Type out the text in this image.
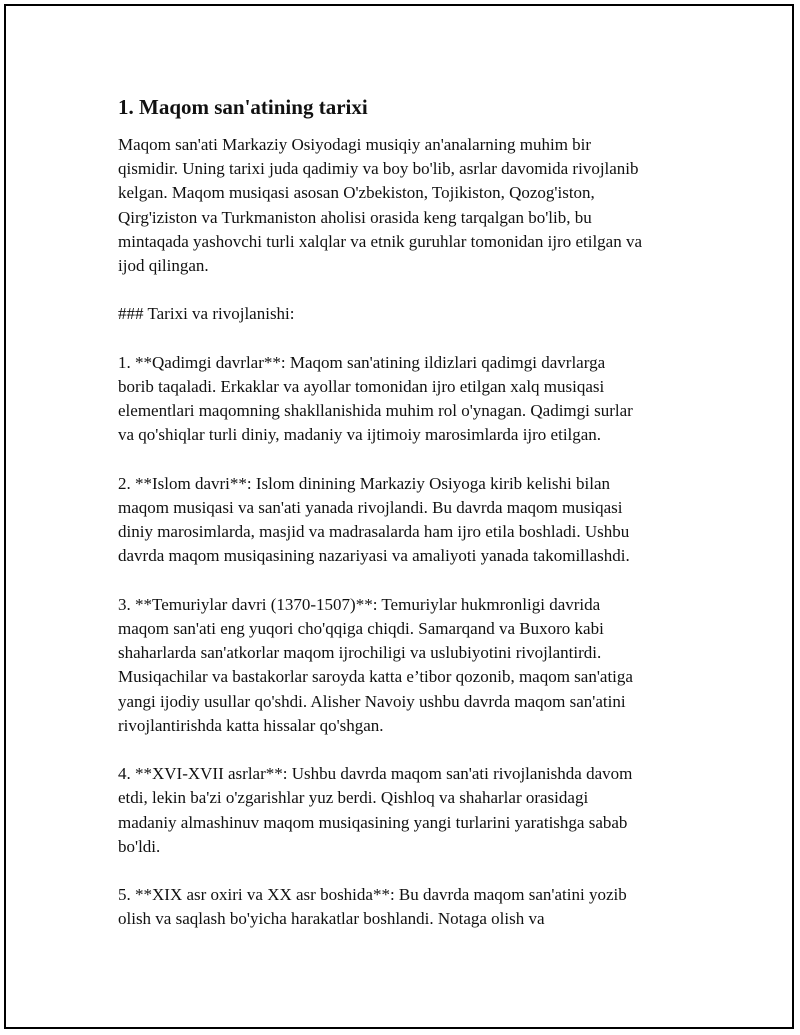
1. Maqom san'atining tarixi

Maqom san'ati Markaziy Osiyodagi musiqiy an'analarning muhim bir
qismidir. Uning tarixi juda qadimiy va boy bo'lib, asrlar davomida rivojlanib
kelgan. Maqom musiqasi asosan O'zbekiston, Tojikiston, Qozog'iston,
Qirg'iziston va Turkmaniston aholisi orasida keng tarqalgan bo'lib, bu
mintaqada yashovchi turli xalqlar va etnik guruhlar tomonidan ijro etilgan va
ijod qilingan.

### Tarixi va rivojlanishi:

1. **Qadimgi davrlar**: Maqom san'atining ildizlari qadimgi davrlarga
borib taqaladi. Erkaklar va ayollar tomonidan ijro etilgan xalq musiqasi
elementlari maqomning shakllanishida muhim rol o'ynagan. Qadimgi surlar
va qo'shiqlar turli diniy, madaniy va ijtimoiy marosimlarda ijro etilgan.

2. **Islom davri**: Islom dinining Markaziy Osiyoga kirib kelishi bilan
maqom musiqasi va san'ati yanada rivojlandi. Bu davrda maqom musiqasi
diniy marosimlarda, masjid va madrasalarda ham ijro etila boshladi. Ushbu
davrda maqom musiqasining nazariyasi va amaliyoti yanada takomillashdi.

3. **Temuriylar davri (1370-1507)**: Temuriylar hukmronligi davrida
maqom san'ati eng yuqori cho'qqiga chiqdi. Samarqand va Buxoro kabi
shaharlarda san'atkorlar maqom ijrochiligi va uslubiyotini rivojlantirdi.
Musiqachilar va bastakorlar saroyda katta e’tibor qozonib, maqom san'atiga
yangi ijodiy usullar qo'shdi. Alisher Navoiy ushbu davrda maqom san'atini
rivojlantirishda katta hissalar qo'shgan.

4. **XVI-XVII asrlar**: Ushbu davrda maqom san'ati rivojlanishda davom
etdi, lekin ba'zi o'zgarishlar yuz berdi. Qishloq va shaharlar orasidagi
madaniy almashinuv maqom musiqasining yangi turlarini yaratishga sabab
bo'ldi.

5. **XIX asr oxiri va XX asr boshida**: Bu davrda maqom san'atini yozib
olish va saqlash bo'yicha harakatlar boshlandi. Notaga olish va
